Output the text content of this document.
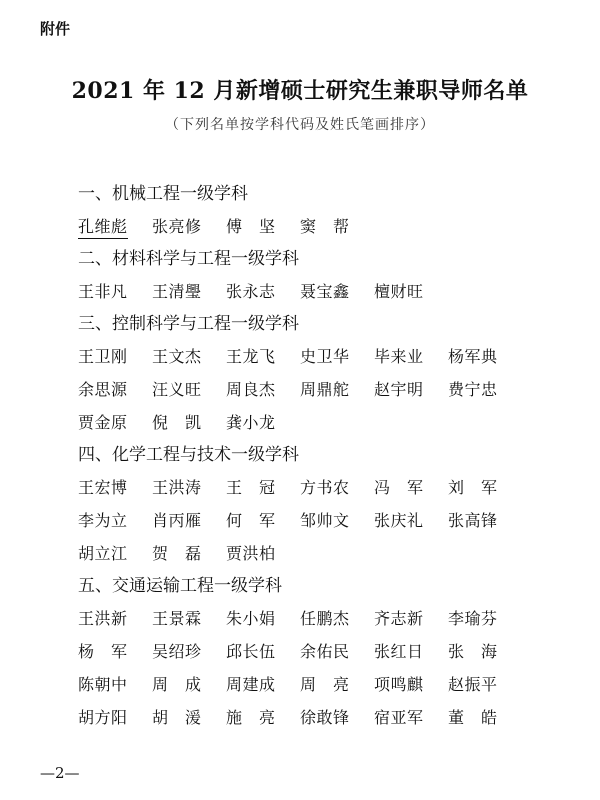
附件
2021 年 12 月新增硕士研究生兼职导师名单
（下列名单按学科代码及姓氏笔画排序）
一、机械工程一级学科
孔维彪	张亮修	傅　坚	窦　帮
二、材料科学与工程一级学科
王非凡	王清璺	张永志	聂宝鑫	檀财旺
三、控制科学与工程一级学科
王卫刚	王文杰	王龙飞	史卫华	毕来业	杨军典
余思源	汪义旺	周良杰	周鼎舵	赵宇明	费宁忠
贾金原	倪　凯	龚小龙
四、化学工程与技术一级学科
王宏博	王洪涛	王　冠	方书农	冯　军	刘　军
李为立	肖丙雁	何　军	邹帅文	张庆礼	张高锋
胡立江	贺　磊	贾洪柏
五、交通运输工程一级学科
王洪新	王景霖	朱小娟	任鹏杰	齐志新	李瑜芬
杨　军	吴绍珍	邱长伍	余佑民	张红日	张　海
陈朝中	周　成	周建成	周　亮	项鸣麒	赵振平
胡方阳	胡　湲	施　亮	徐敢锋	宿亚军	董　皓
—2—
